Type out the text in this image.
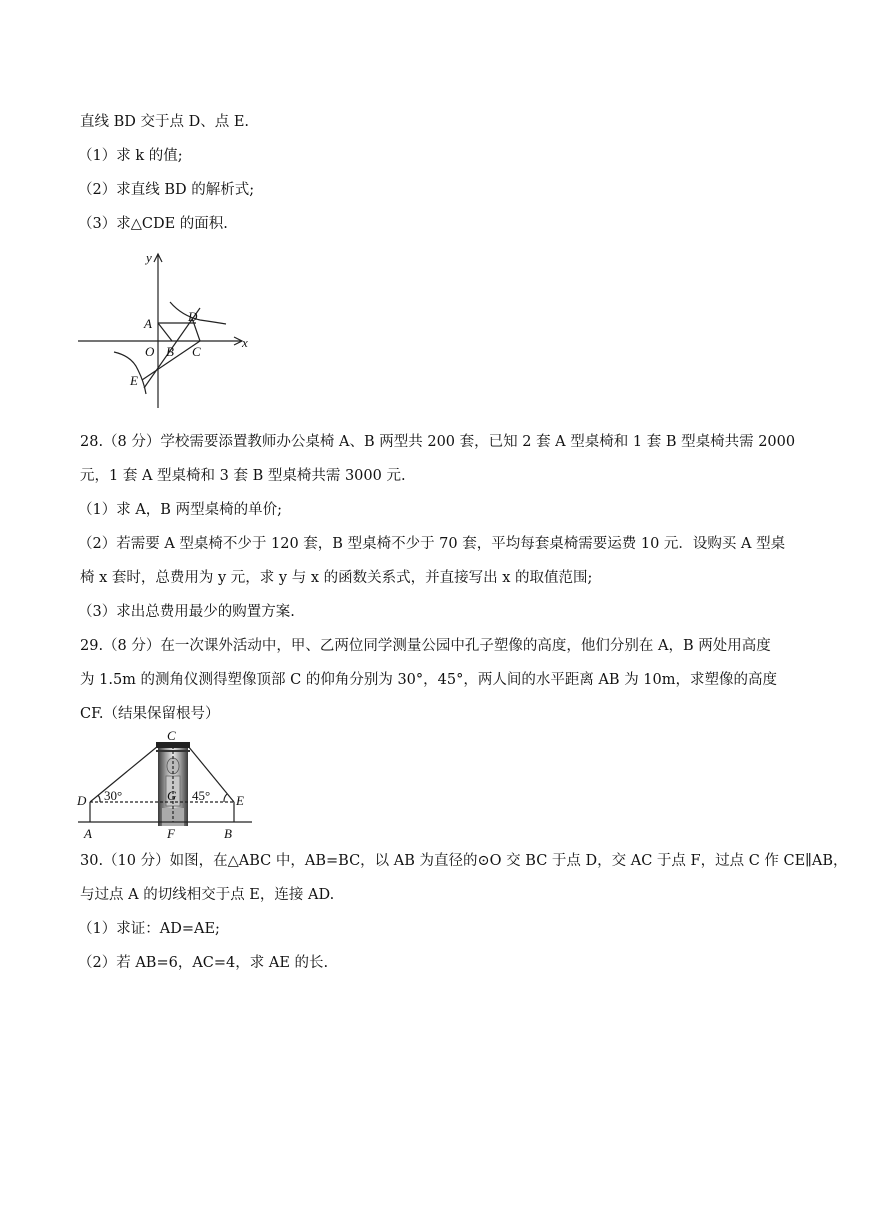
直线 BD 交于点 D、点 E.
（1）求 k 的值;
（2）求直线 BD 的解析式;
（3）求△CDE 的面积.
y
x
A	D
O B C
E
28.（8 分）学校需要添置教师办公桌椅 A、B 两型共 200 套，已知 2 套 A 型桌椅和 1 套 B 型桌椅共需 2000
元，1 套 A 型桌椅和 3 套 B 型桌椅共需 3000 元.
（1）求 A，B 两型桌椅的单价;
（2）若需要 A 型桌椅不少于 120 套，B 型桌椅不少于 70 套，平均每套桌椅需要运费 10 元．设购买 A 型桌
椅 x 套时，总费用为 y 元，求 y 与 x 的函数关系式，并直接写出 x 的取值范围;
（3）求出总费用最少的购置方案.
29.（8 分）在一次课外活动中，甲、乙两位同学测量公园中孔子塑像的高度，他们分别在 A，B 两处用高度
为 1.5m 的测角仪测得塑像顶部 C 的仰角分别为 30°，45°，两人间的水平距离 AB 为 10m，求塑像的高度
CF.（结果保留根号）
C
D 30°	G 45° E
A	F	B
30.（10 分）如图，在△ABC 中，AB=BC，以 AB 为直径的⊙O 交 BC 于点 D，交 AC 于点 F，过点 C 作 CE∥AB，
与过点 A 的切线相交于点 E，连接 AD.
（1）求证：AD=AE;
（2）若 AB=6，AC=4，求 AE 的长.
